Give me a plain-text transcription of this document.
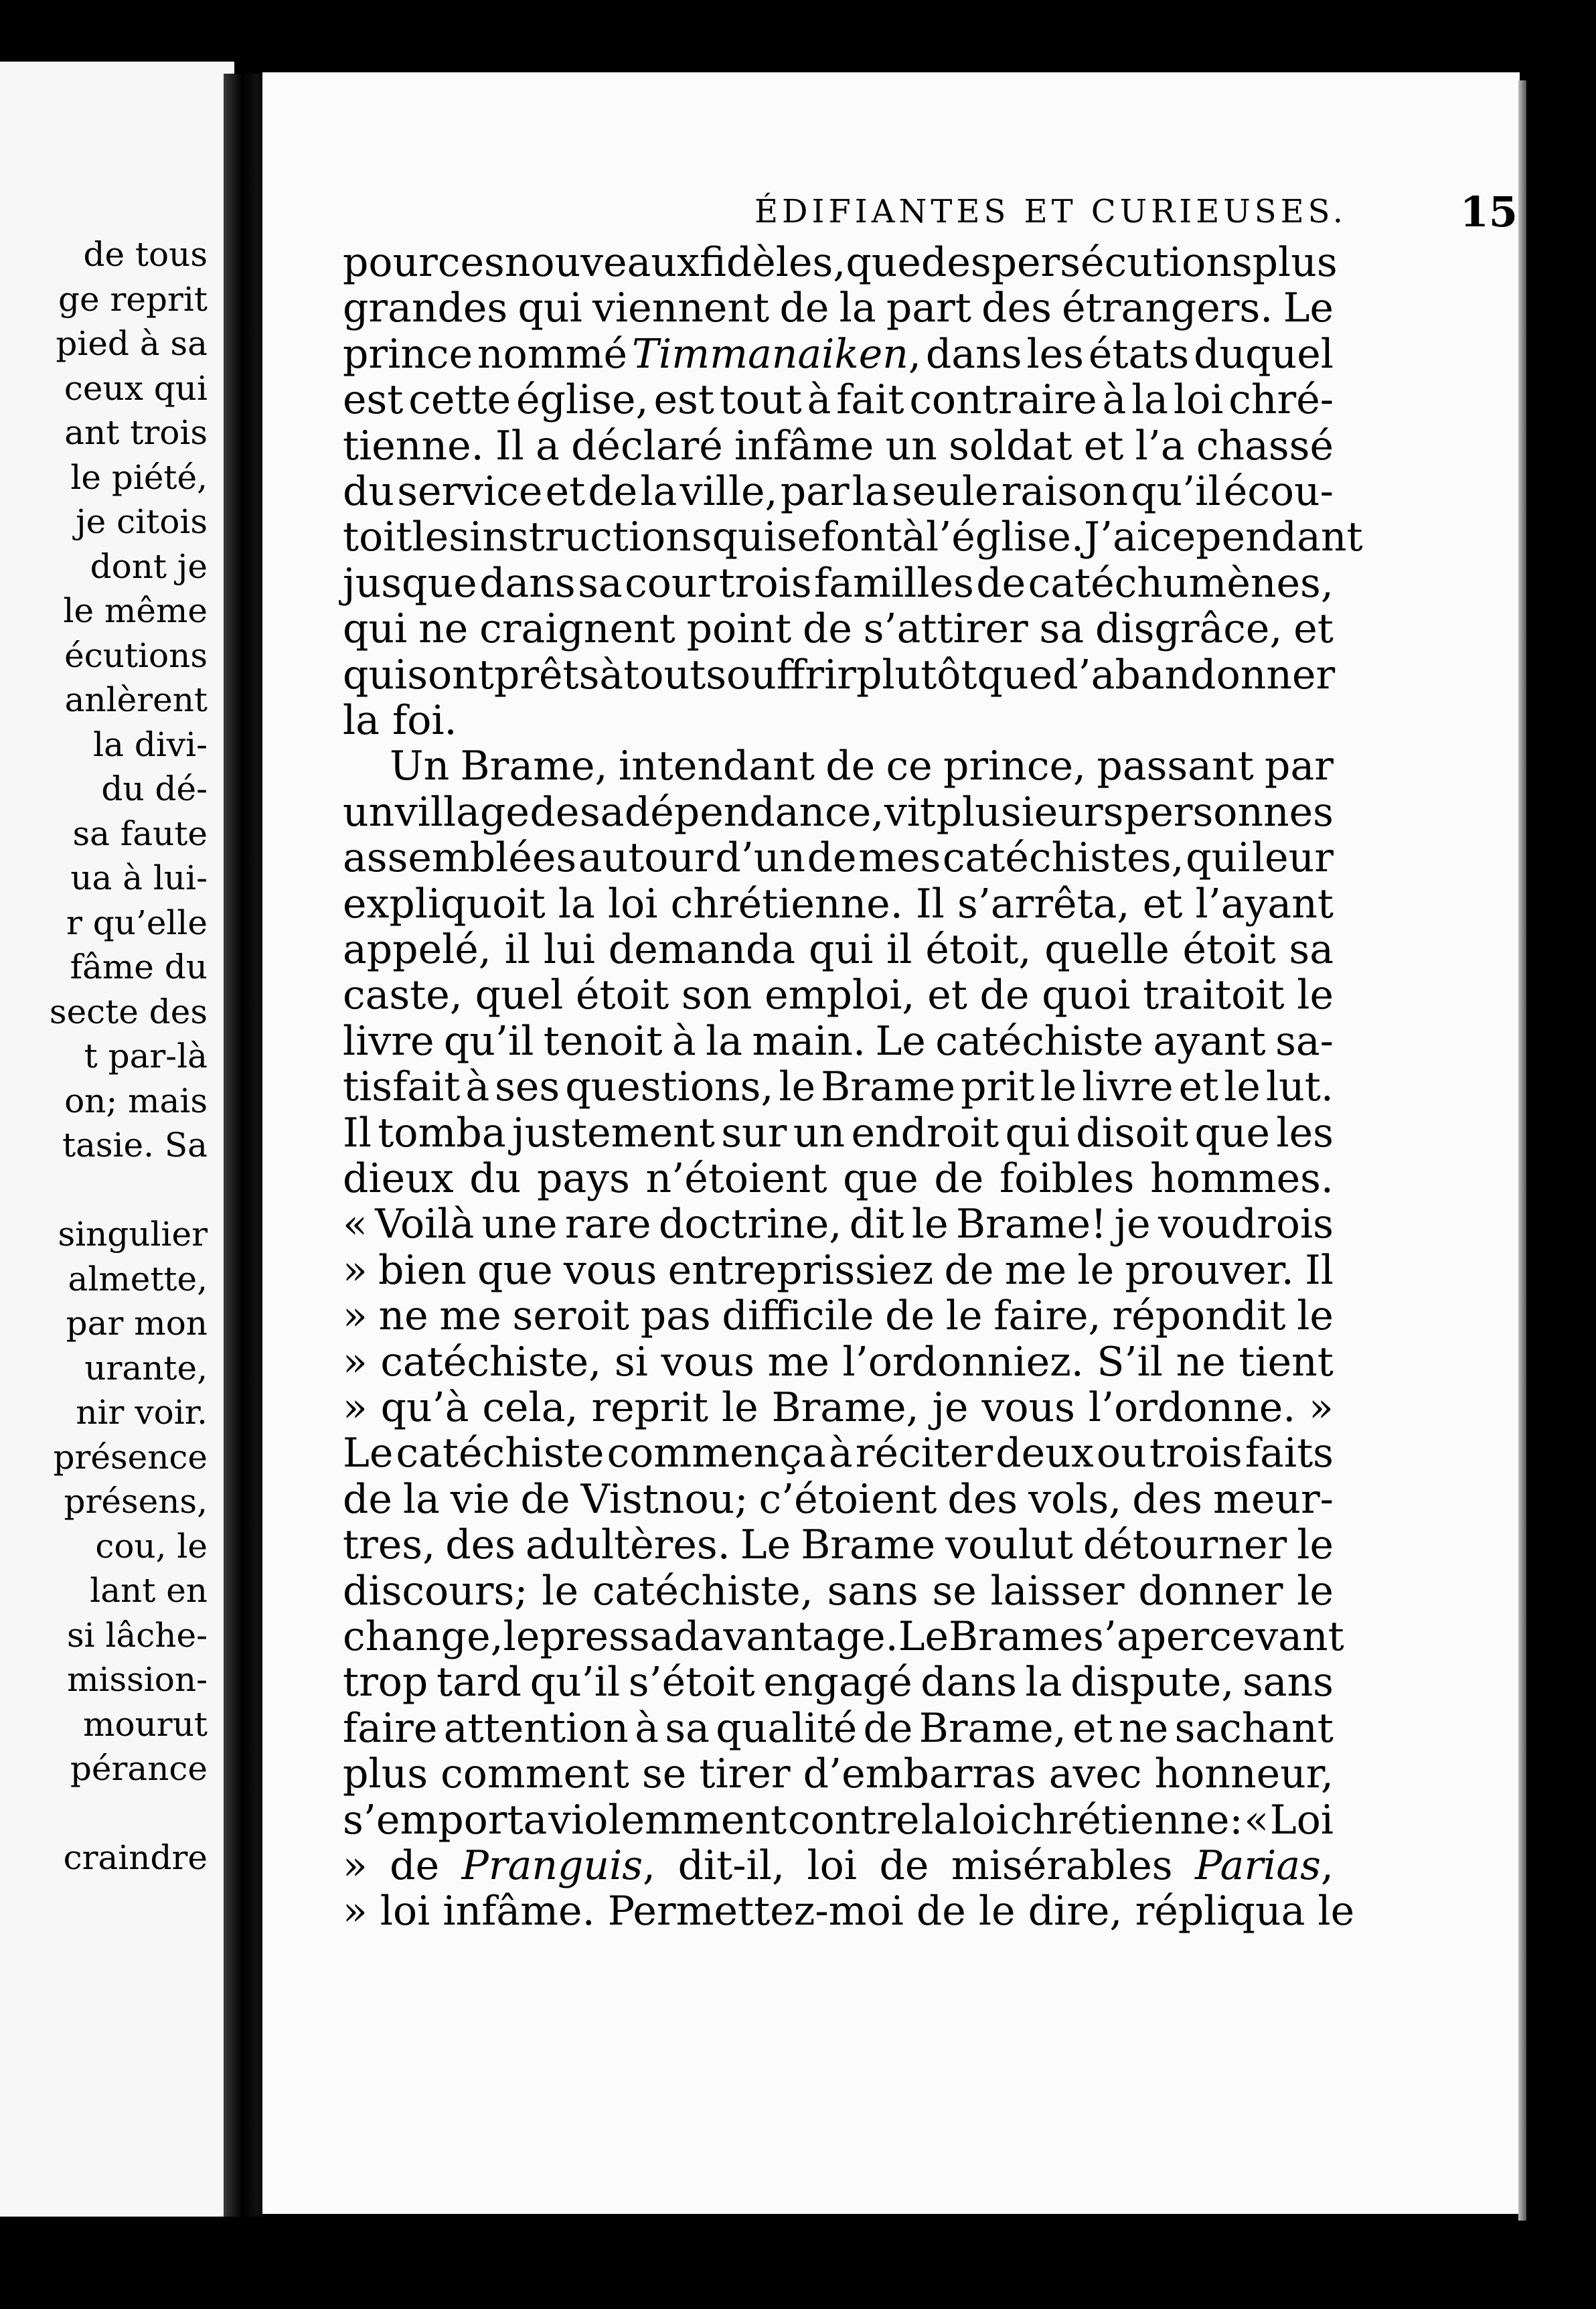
de tous
ge reprit
pied à sa
ceux qui
ant trois
le piété,
je citois
dont je
le même
écutions
anlèrent
la divi-
du dé-
sa faute
ua à lui-
r qu’elle
fâme du
secte des
t par-là
on; mais
tasie. Sa
singulier
almette,
par mon
urante,
nir voir.
présence
présens,
cou, le
lant en
si lâche-
mission-
mourut
pérance
craindre
ÉDIFIANTES ET CURIEUSES.	15
pour ces nouveaux fidèles, que des persécutions plus
grandes qui viennent de la part des étrangers. Le
prince nommé Timmanaiken, dans les états duquel
est cette église, est tout à fait contraire à la loi chré-
tienne. Il a déclaré infâme un soldat et l’a chassé
du service et de la ville, par la seule raison qu’il écou-
toit les instructions qui se font à l’église. J’ai cependant
jusque dans sa cour trois familles de catéchumènes,
qui ne craignent point de s’attirer sa disgrâce, et
qui sont prêts à tout souffrir plutôt que d’abandonner
la foi.
Un Brame, intendant de ce prince, passant par
un village de sa dépendance, vit plusieurs personnes
assemblées autour d’un de mes catéchistes, qui leur
expliquoit la loi chrétienne. Il s’arrêta, et l’ayant
appelé, il lui demanda qui il étoit, quelle étoit sa
caste, quel étoit son emploi, et de quoi traitoit le
livre qu’il tenoit à la main. Le catéchiste ayant sa-
tisfait à ses questions, le Brame prit le livre et le lut.
Il tomba justement sur un endroit qui disoit que les
dieux du pays n’étoient que de foibles hommes.
« Voilà une rare doctrine, dit le Brame! je voudrois
» bien que vous entreprissiez de me le prouver. Il
» ne me seroit pas difficile de le faire, répondit le
» catéchiste, si vous me l’ordonniez. S’il ne tient
» qu’à cela, reprit le Brame, je vous l’ordonne. »
Le catéchiste commença à réciter deux ou trois faits
de la vie de Vistnou; c’étoient des vols, des meur-
tres, des adultères. Le Brame voulut détourner le
discours; le catéchiste, sans se laisser donner le
change, le pressa davantage. Le Brame s’apercevant
trop tard qu’il s’étoit engagé dans la dispute, sans
faire attention à sa qualité de Brame, et ne sachant
plus comment se tirer d’embarras avec honneur,
s’emporta violemment contre la loi chrétienne: « Loi
» de Pranguis, dit-il, loi de misérables Parias,
» loi infâme. Permettez-moi de le dire, répliqua le
